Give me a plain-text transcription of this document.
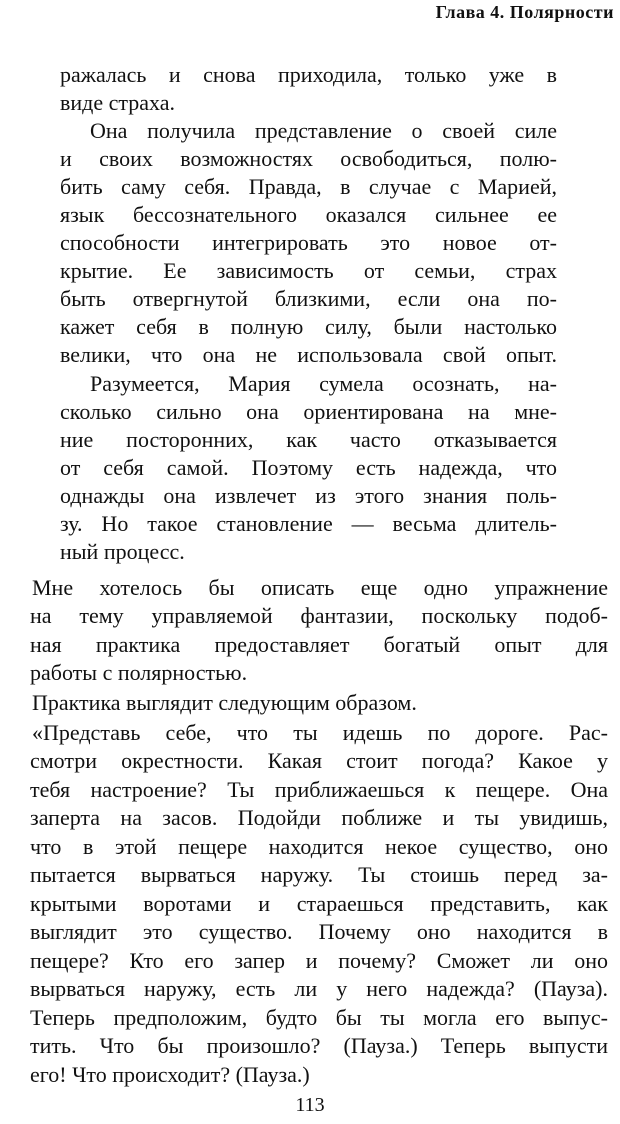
Глава 4. Полярности
ражалась и снова приходила, только уже в
виде страха.
Она получила представление о своей силе
и своих возможностях освободиться, полю-
бить саму себя. Правда, в случае с Марией,
язык бессознательного оказался сильнее ее
способности интегрировать это новое от-
крытие. Ее зависимость от семьи, страх
быть отвергнутой близкими, если она по-
кажет себя в полную силу, были настолько
велики, что она не использовала свой опыт.
Разумеется, Мария сумела осознать, на-
сколько сильно она ориентирована на мне-
ние посторонних, как часто отказывается
от себя самой. Поэтому есть надежда, что
однажды она извлечет из этого знания поль-
зу. Но такое становление — весьма длитель-
ный процесс.
Мне хотелось бы описать еще одно упражнение
на тему управляемой фантазии, поскольку подоб-
ная практика предоставляет богатый опыт для
работы с полярностью.
Практика выглядит следующим образом.
«Представь себе, что ты идешь по дороге. Рас-
смотри окрестности. Какая стоит погода? Какое у
тебя настроение? Ты приближаешься к пещере. Она
заперта на засов. Подойди поближе и ты увидишь,
что в этой пещере находится некое существо, оно
пытается вырваться наружу. Ты стоишь перед за-
крытыми воротами и стараешься представить, как
выглядит это существо. Почему оно находится в
пещере? Кто его запер и почему? Сможет ли оно
вырваться наружу, есть ли у него надежда? (Пауза).
Теперь предположим, будто бы ты могла его выпус-
тить. Что бы произошло? (Пауза.) Теперь выпусти
его! Что происходит? (Пауза.)
113
